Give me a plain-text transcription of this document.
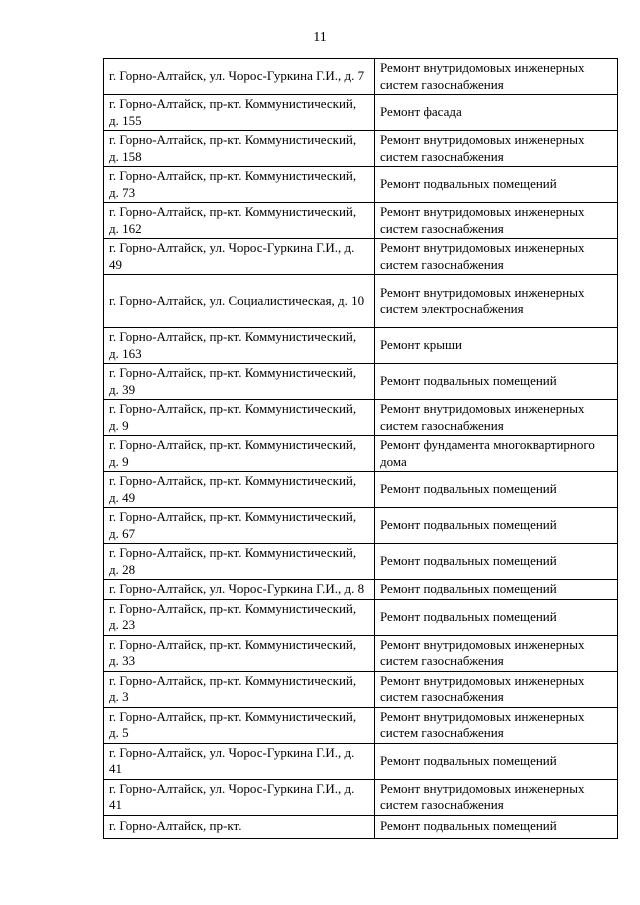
11
г. Горно-Алтайск, ул. Чорос-Гуркина Г.И., д. 7	Ремонт внутридомовых инженерных систем газоснабжения
г. Горно-Алтайск, пр-кт. Коммунистический, д. 155	Ремонт фасада
г. Горно-Алтайск, пр-кт. Коммунистический, д. 158	Ремонт внутридомовых инженерных систем газоснабжения
г. Горно-Алтайск, пр-кт. Коммунистический, д. 73	Ремонт подвальных помещений
г. Горно-Алтайск, пр-кт. Коммунистический, д. 162	Ремонт внутридомовых инженерных систем газоснабжения
г. Горно-Алтайск, ул. Чорос-Гуркина Г.И., д. 49	Ремонт внутридомовых инженерных систем газоснабжения
г. Горно-Алтайск, ул. Социалистическая, д. 10	Ремонт внутридомовых инженерных систем электроснабжения
г. Горно-Алтайск, пр-кт. Коммунистический, д. 163	Ремонт крыши
г. Горно-Алтайск, пр-кт. Коммунистический, д. 39	Ремонт подвальных помещений
г. Горно-Алтайск, пр-кт. Коммунистический, д. 9	Ремонт внутридомовых инженерных систем газоснабжения
г. Горно-Алтайск, пр-кт. Коммунистический, д. 9	Ремонт фундамента многоквартирного дома
г. Горно-Алтайск, пр-кт. Коммунистический, д. 49	Ремонт подвальных помещений
г. Горно-Алтайск, пр-кт. Коммунистический, д. 67	Ремонт подвальных помещений
г. Горно-Алтайск, пр-кт. Коммунистический, д. 28	Ремонт подвальных помещений
г. Горно-Алтайск, ул. Чорос-Гуркина Г.И., д. 8	Ремонт подвальных помещений
г. Горно-Алтайск, пр-кт. Коммунистический, д. 23	Ремонт подвальных помещений
г. Горно-Алтайск, пр-кт. Коммунистический, д. 33	Ремонт внутридомовых инженерных систем газоснабжения
г. Горно-Алтайск, пр-кт. Коммунистический, д. 3	Ремонт внутридомовых инженерных систем газоснабжения
г. Горно-Алтайск, пр-кт. Коммунистический, д. 5	Ремонт внутридомовых инженерных систем газоснабжения
г. Горно-Алтайск, ул. Чорос-Гуркина Г.И., д. 41	Ремонт подвальных помещений
г. Горно-Алтайск, ул. Чорос-Гуркина Г.И., д. 41	Ремонт внутридомовых инженерных систем газоснабжения
г. Горно-Алтайск, пр-кт.	Ремонт подвальных помещений
